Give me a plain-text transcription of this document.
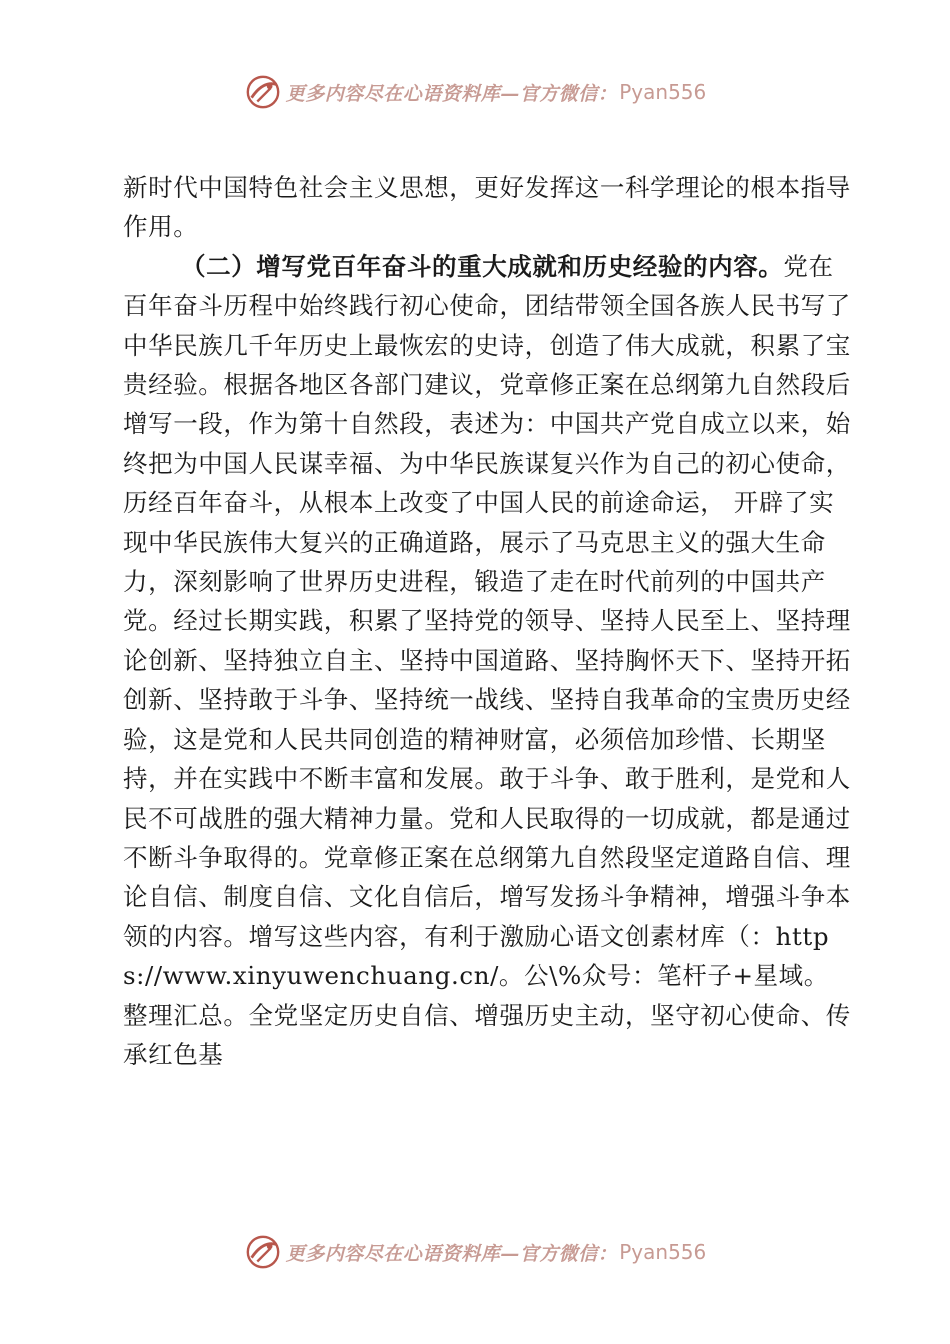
更多内容尽在心语资料库—官方微信： Pyan556

新时代中国特色社会主义思想，更好发挥这一科学理论的根本指导作用。

（二）增写党百年奋斗的重大成就和历史经验的内容。党在百年奋斗历程中始终践行初心使命，团结带领全国各族人民书写了中华民族几千年历史上最恢宏的史诗，创造了伟大成就，积累了宝贵经验。根据各地区各部门建议，党章修正案在总纲第九自然段后增写一段，作为第十自然段，表述为：中国共产党自成立以来，始终把为中国人民谋幸福、为中华民族谋复兴作为自己的初心使命，历经百年奋斗，从根本上改变了中国人民的前途命运， 开辟了实现中华民族伟大复兴的正确道路，展示了马克思主义的强大生命力，深刻影响了世界历史进程，锻造了走在时代前列的中国共产党。经过长期实践，积累了坚持党的领导、坚持人民至上、坚持理论创新、坚持独立自主、坚持中国道路、坚持胸怀天下、坚持开拓创新、坚持敢于斗争、坚持统一战线、坚持自我革命的宝贵历史经验，这是党和人民共同创造的精神财富，必须倍加珍惜、长期坚持，并在实践中不断丰富和发展。敢于斗争、敢于胜利，是党和人民不可战胜的强大精神力量。党和人民取得的一切成就，都是通过不断斗争取得的。党章修正案在总纲第九自然段坚定道路自信、理论自信、制度自信、文化自信后，增写发扬斗争精神，增强斗争本领的内容。增写这些内容，有利于激励心语文创素材库（：https://www.xinyuwenchuang.cn/。公\%众号：笔杆子+星域。整理汇总。全党坚定历史自信、增强历史主动，坚守初心使命、传承红色基

更多内容尽在心语资料库—官方微信： Pyan556
